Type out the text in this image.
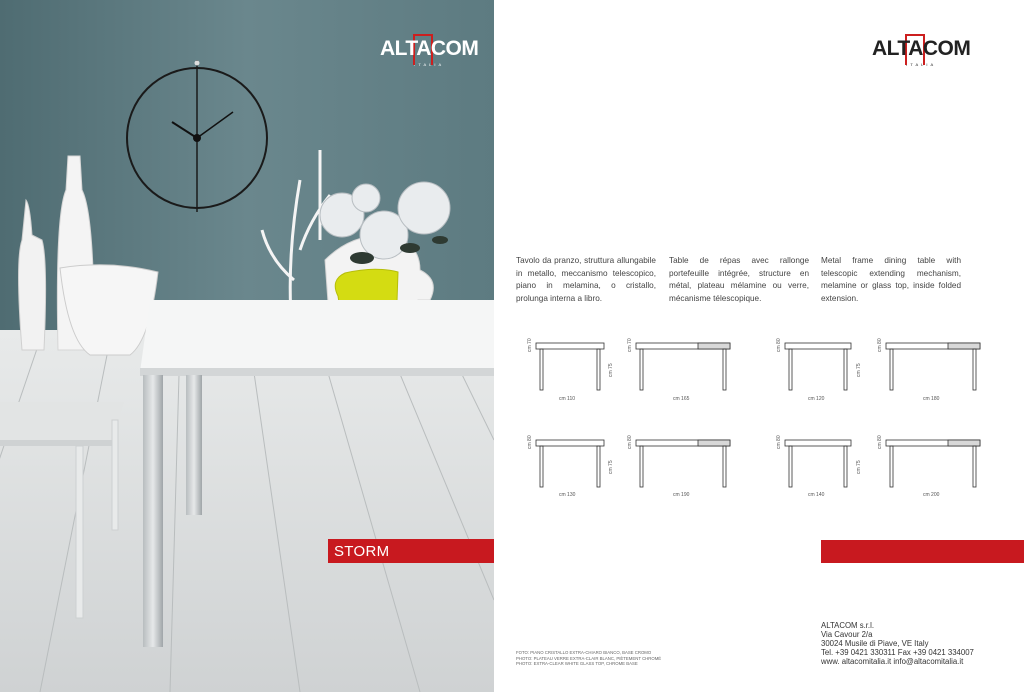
ALTACOM
ITALIA
STORM
ALTACOM
ITALIA
Tavolo da pranzo, struttura allungabile in metallo, meccanismo telescopico, piano in melamina, o cristallo, prolunga interna a libro.
Table de répas avec rallonge portefeuille intégrée, structure en métal, plateau mélamine ou verre, mécanisme télescopique.
Metal frame dining table with telescopic extending mechanism, melamine or glass top, inside folded extension.
cm 70
cm 110
cm 70
cm 75
cm 165
cm 80
cm 120
cm 80
cm 75
cm 180
cm 80
cm 130
cm 80
cm 75
cm 190
cm 80
cm 140
cm 80
cm 75
cm 200
FOTO: PIANO CRISTALLO EXTRA-CHIARO BIANCO, BASE CROMO
PHOTO: PLATEAU VERRE EXTRA-CLAIR BLANC, PIÈTEMENT CHROMÉ
PHOTO: EXTRA-CLEAR WHITE GLASS TOP, CHROME BASE
ALTACOM s.r.l.
Via Cavour 2/a
30024 Musile di Piave, VE Italy
Tel. +39 0421 330311 Fax +39 0421 334007
www. altacomitalia.it info@altacomitalia.it
